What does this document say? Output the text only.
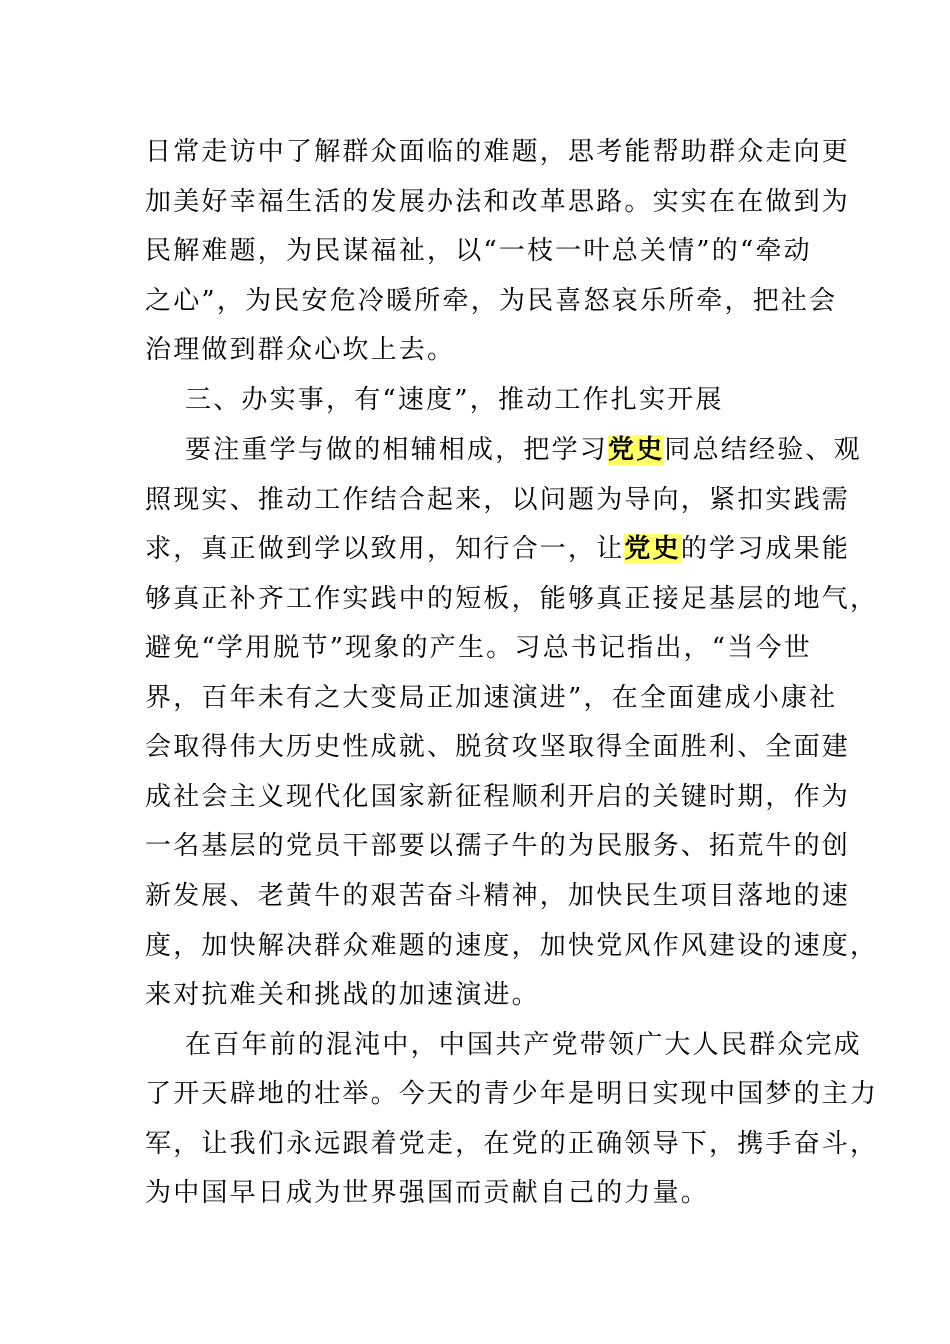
日常走访中了解群众面临的难题，思考能帮助群众走向更
加美好幸福生活的发展办法和改革思路。实实在在做到为
民解难题，为民谋福祉，以“一枝一叶总关情”的“牵动
之心”，为民安危冷暖所牵，为民喜怒哀乐所牵，把社会
治理做到群众心坎上去。
三、办实事，有“速度”，推动工作扎实开展
要注重学与做的相辅相成，把学习党史同总结经验、观
照现实、推动工作结合起来，以问题为导向，紧扣实践需
求，真正做到学以致用，知行合一，让党史的学习成果能
够真正补齐工作实践中的短板，能够真正接足基层的地气，
避免“学用脱节”现象的产生。习总书记指出，“当今世
界，百年未有之大变局正加速演进”，在全面建成小康社
会取得伟大历史性成就、脱贫攻坚取得全面胜利、全面建
成社会主义现代化国家新征程顺利开启的关键时期，作为
一名基层的党员干部要以孺子牛的为民服务、拓荒牛的创
新发展、老黄牛的艰苦奋斗精神，加快民生项目落地的速
度，加快解决群众难题的速度，加快党风作风建设的速度，
来对抗难关和挑战的加速演进。
在百年前的混沌中，中国共产党带领广大人民群众完成
了开天辟地的壮举。今天的青少年是明日实现中国梦的主力
军，让我们永远跟着党走，在党的正确领导下，携手奋斗，
为中国早日成为世界强国而贡献自己的力量。
